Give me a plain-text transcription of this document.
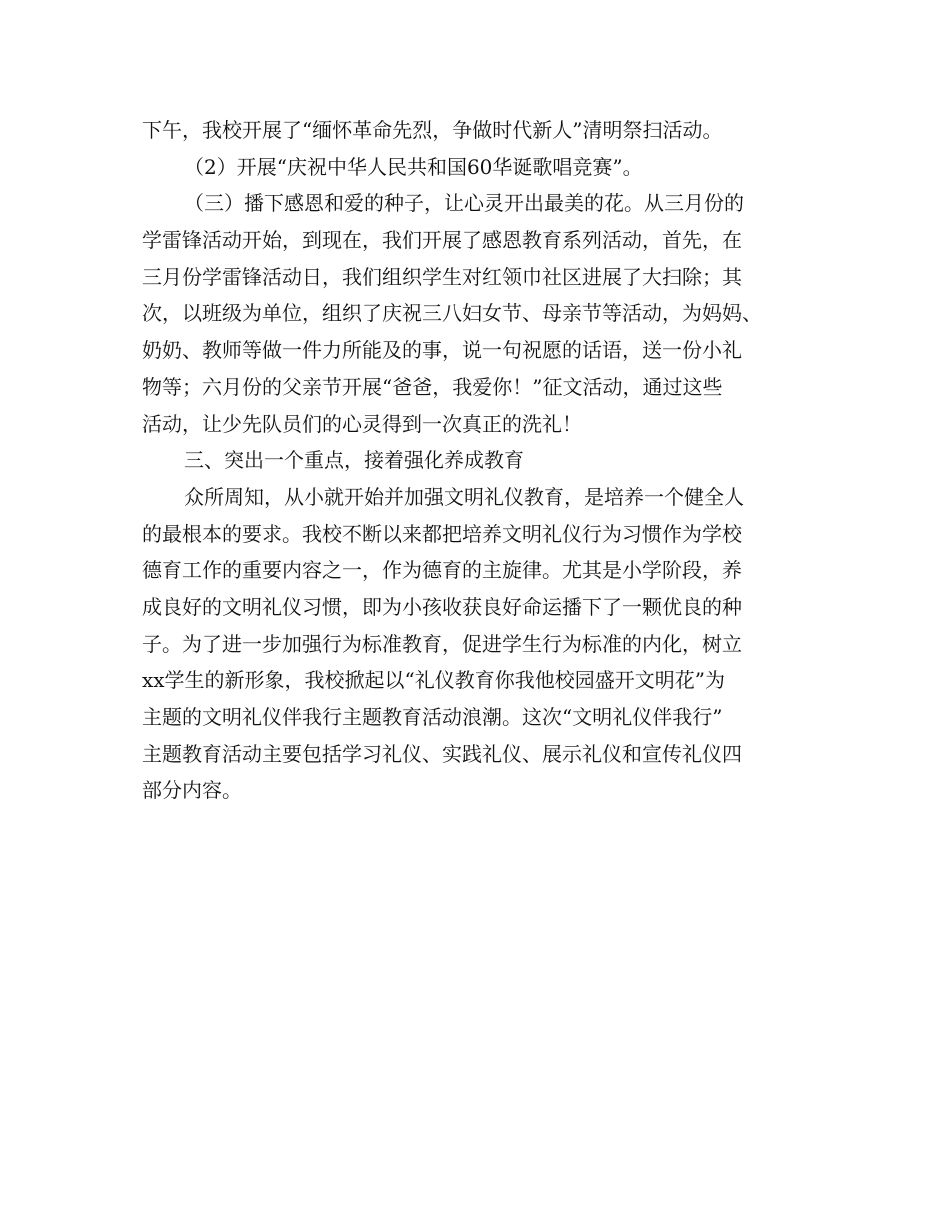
下午，我校开展了“缅怀革命先烈，争做时代新人”清明祭扫活动。
（2）开展“庆祝中华人民共和国60华诞歌唱竞赛”。
（三）播下感恩和爱的种子，让心灵开出最美的花。从三月份的
学雷锋活动开始，到现在，我们开展了感恩教育系列活动，首先，在
三月份学雷锋活动日，我们组织学生对红领巾社区进展了大扫除；其
次，以班级为单位，组织了庆祝三八妇女节、母亲节等活动，为妈妈、
奶奶、教师等做一件力所能及的事，说一句祝愿的话语，送一份小礼
物等；六月份的父亲节开展“爸爸，我爱你！”征文活动，通过这些
活动，让少先队员们的心灵得到一次真正的洗礼！
三、突出一个重点，接着强化养成教育
众所周知，从小就开始并加强文明礼仪教育，是培养一个健全人
的最根本的要求。我校不断以来都把培养文明礼仪行为习惯作为学校
德育工作的重要内容之一，作为德育的主旋律。尤其是小学阶段，养
成良好的文明礼仪习惯，即为小孩收获良好命运播下了一颗优良的种
子。为了进一步加强行为标准教育，促进学生行为标准的内化，树立
xx学生的新形象，我校掀起以“礼仪教育你我他校园盛开文明花”为
主题的文明礼仪伴我行主题教育活动浪潮。这次“文明礼仪伴我行”
主题教育活动主要包括学习礼仪、实践礼仪、展示礼仪和宣传礼仪四
部分内容。
